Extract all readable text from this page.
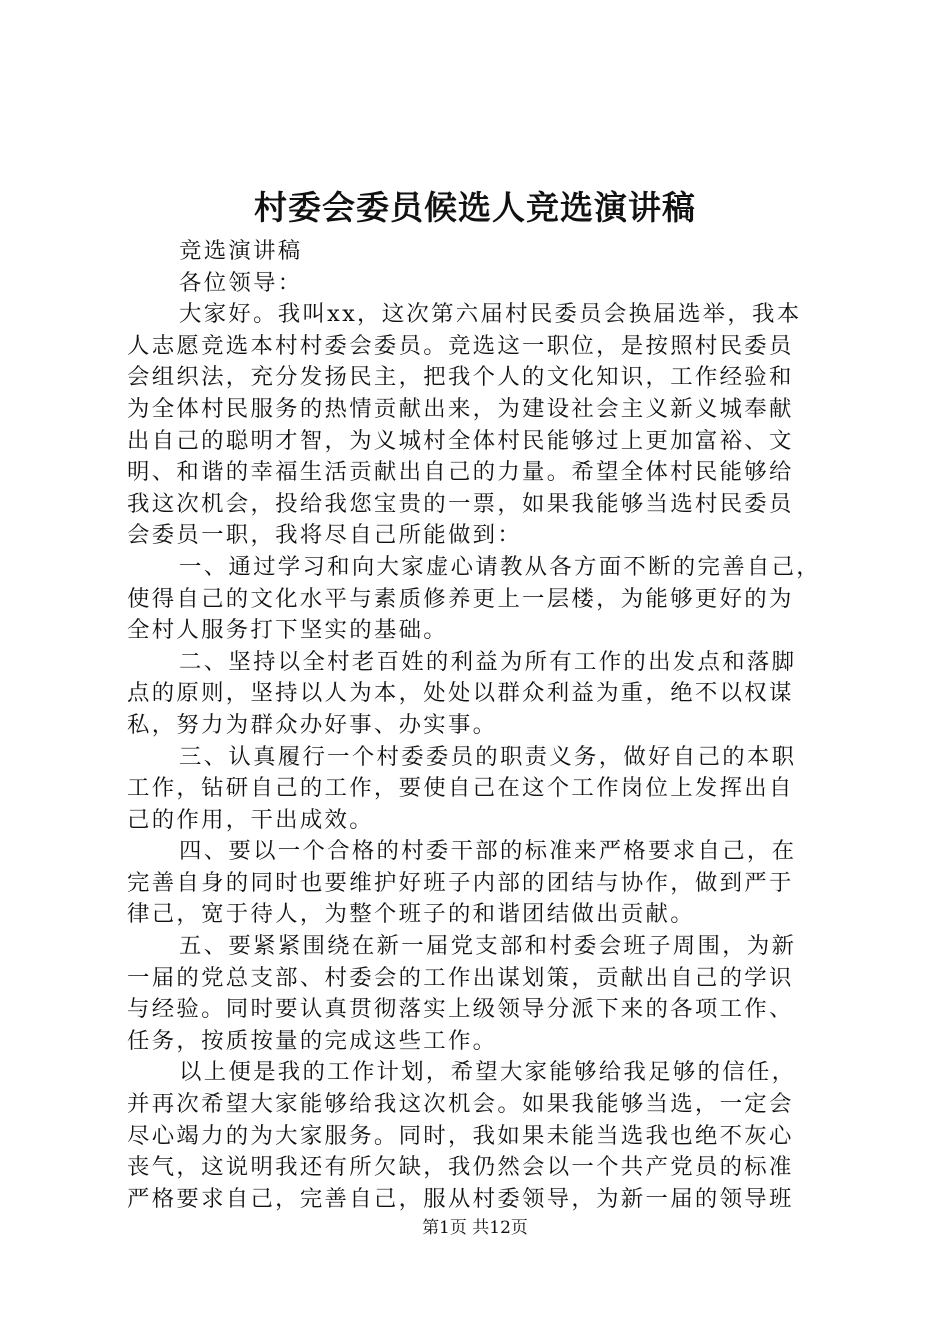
村委会委员候选人竞选演讲稿
竞选演讲稿
各位领导：
大家好。我叫xx，这次第六届村民委员会换届选举，我本
人志愿竞选本村村委会委员。竞选这一职位，是按照村民委员
会组织法，充分发扬民主，把我个人的文化知识，工作经验和
为全体村民服务的热情贡献出来，为建设社会主义新义城奉献
出自己的聪明才智，为义城村全体村民能够过上更加富裕、文
明、和谐的幸福生活贡献出自己的力量。希望全体村民能够给
我这次机会，投给我您宝贵的一票，如果我能够当选村民委员
会委员一职，我将尽自己所能做到：
一、通过学习和向大家虚心请教从各方面不断的完善自己，
使得自己的文化水平与素质修养更上一层楼，为能够更好的为
全村人服务打下坚实的基础。
二、坚持以全村老百姓的利益为所有工作的出发点和落脚
点的原则，坚持以人为本，处处以群众利益为重，绝不以权谋
私，努力为群众办好事、办实事。
三、认真履行一个村委委员的职责义务，做好自己的本职
工作，钻研自己的工作，要使自己在这个工作岗位上发挥出自
己的作用，干出成效。
四、要以一个合格的村委干部的标准来严格要求自己，在
完善自身的同时也要维护好班子内部的团结与协作，做到严于
律己，宽于待人，为整个班子的和谐团结做出贡献。
五、要紧紧围绕在新一届党支部和村委会班子周围，为新
一届的党总支部、村委会的工作出谋划策，贡献出自己的学识
与经验。同时要认真贯彻落实上级领导分派下来的各项工作、
任务，按质按量的完成这些工作。
以上便是我的工作计划，希望大家能够给我足够的信任，
并再次希望大家能够给我这次机会。如果我能够当选，一定会
尽心竭力的为大家服务。同时，我如果未能当选我也绝不灰心
丧气，这说明我还有所欠缺，我仍然会以一个共产党员的标准
严格要求自己，完善自己，服从村委领导，为新一届的领导班
第1页 共12页
